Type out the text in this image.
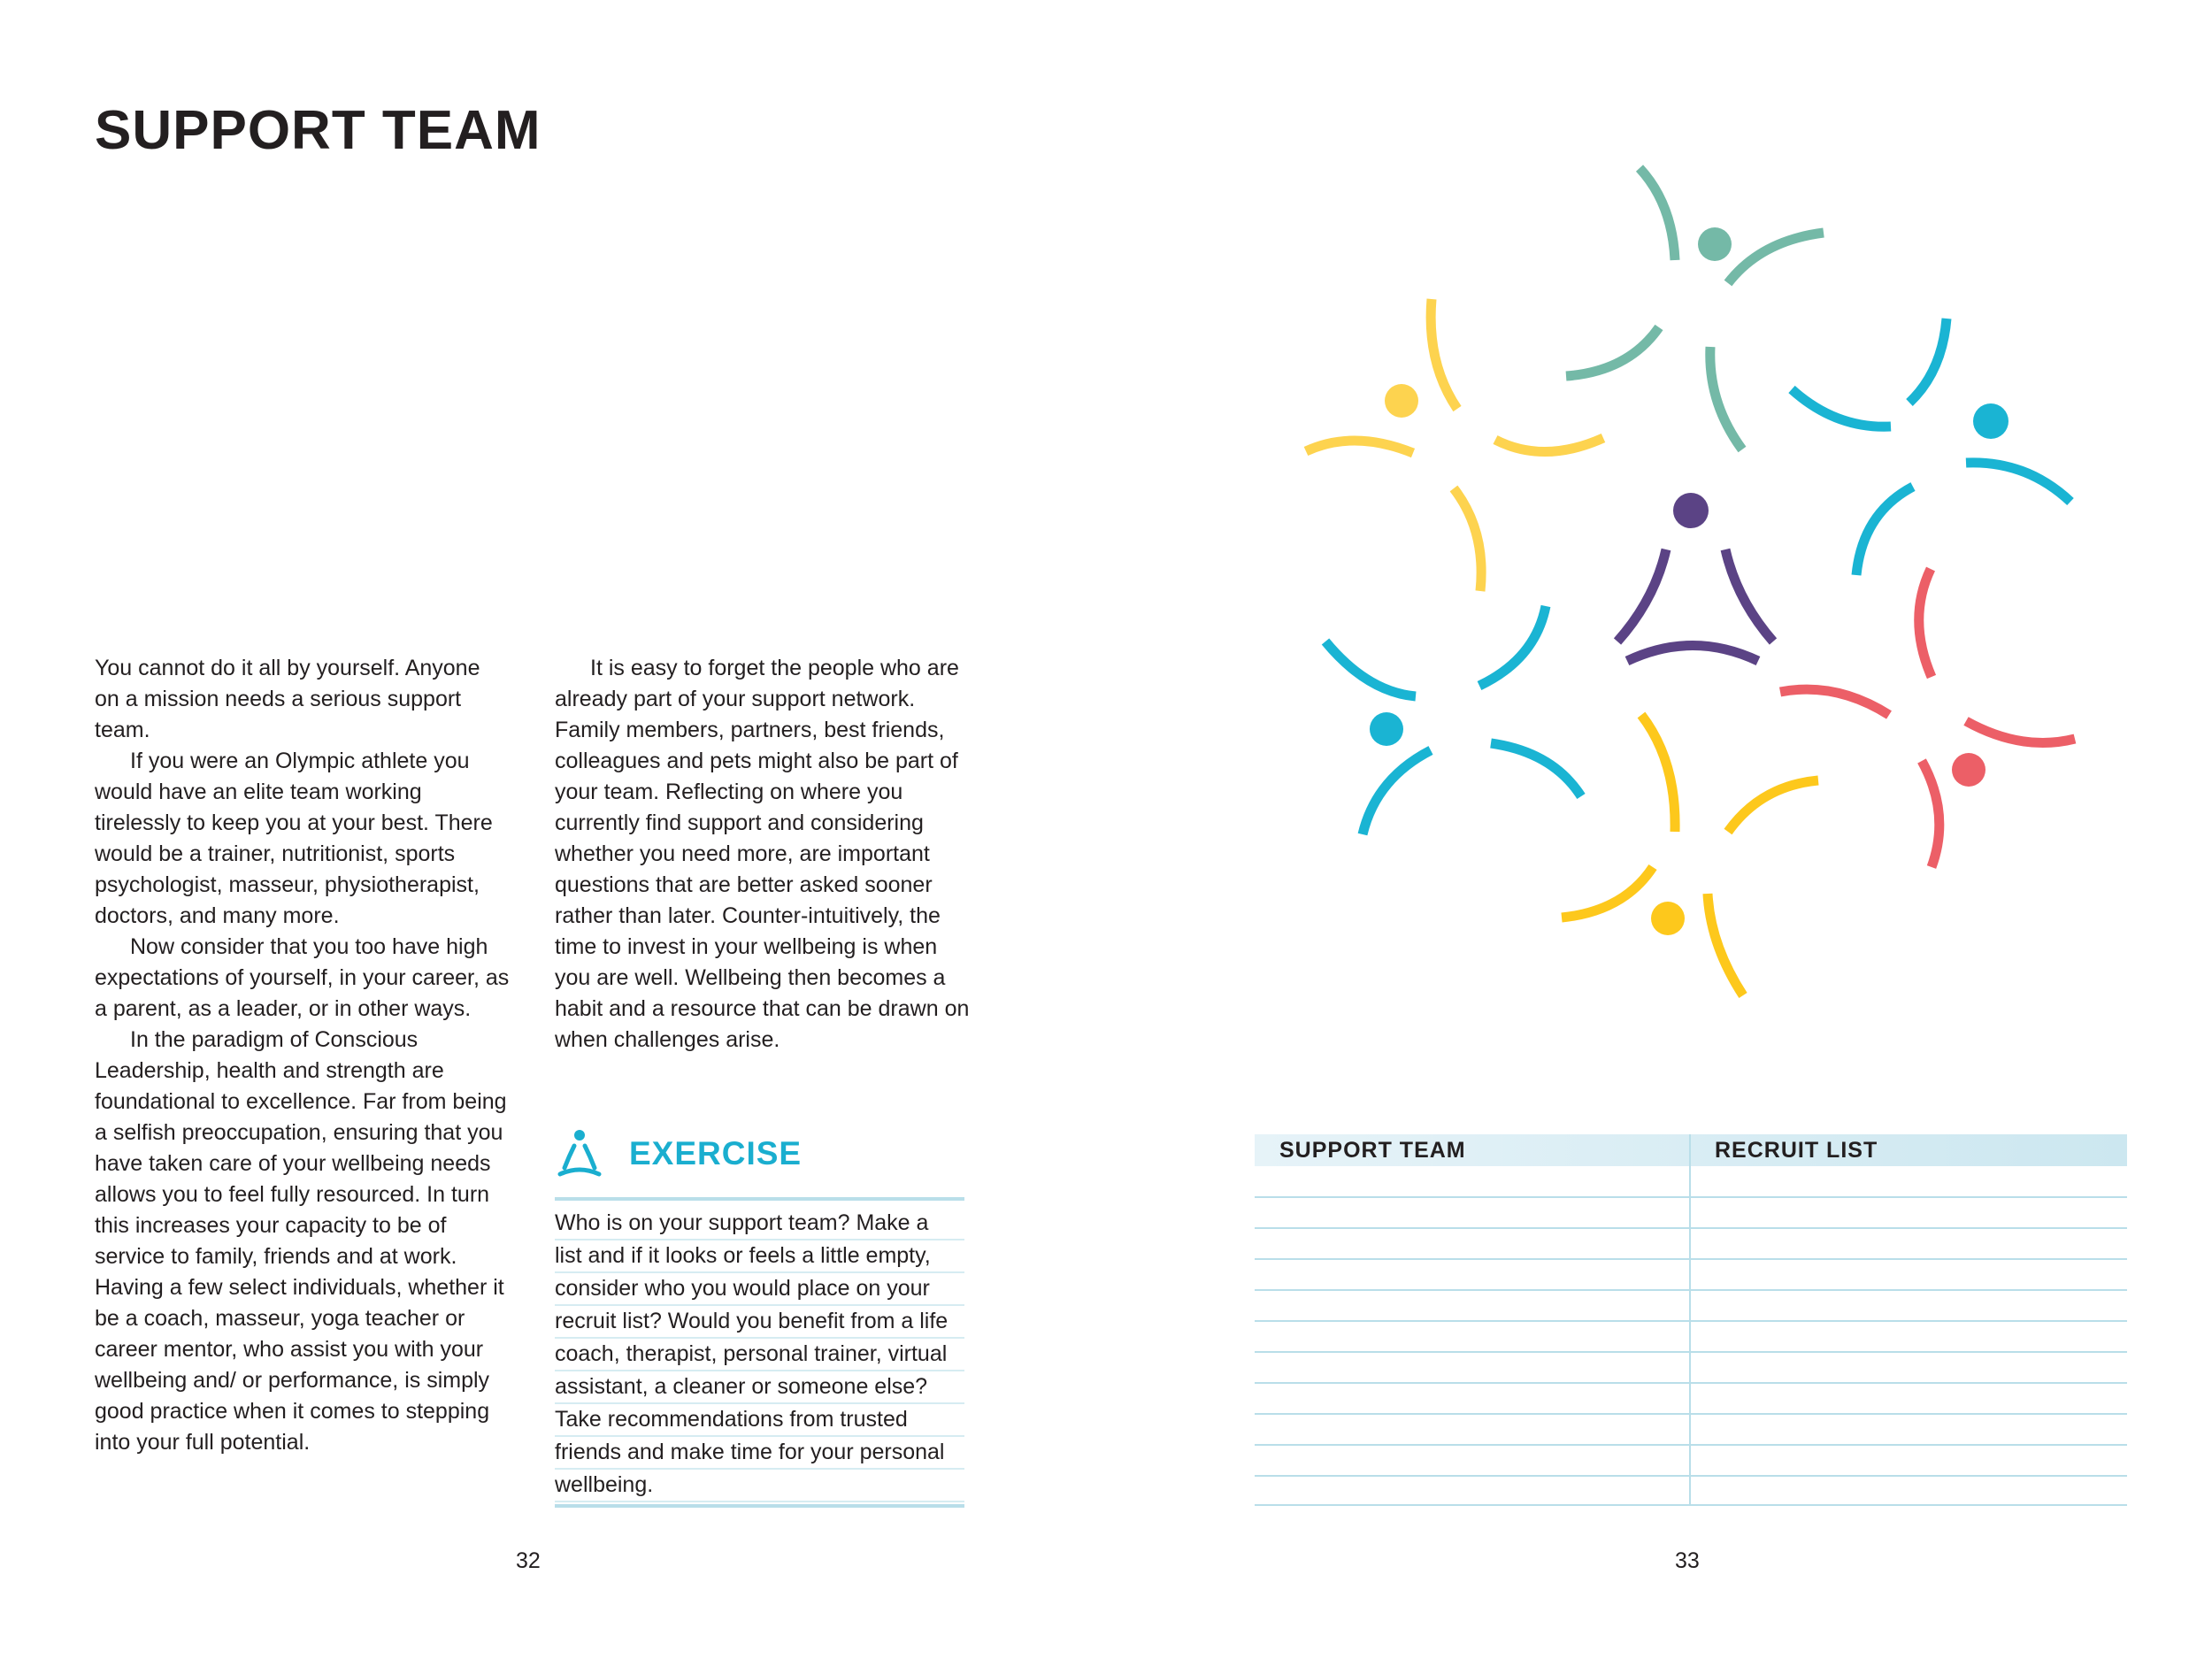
SUPPORT TEAM

You cannot do it all by yourself. Anyone on a mission needs a serious support team.

If you were an Olympic athlete you would have an elite team working tirelessly to keep you at your best. There would be a trainer, nutritionist, sports psychologist, masseur, physiotherapist, doctors, and many more.

Now consider that you too have high expectations of yourself, in your career, as a parent, as a leader, or in other ways.

In the paradigm of Conscious Leadership, health and strength are foundational to excellence. Far from being a selfish preoccupation, ensuring that you have taken care of your wellbeing needs allows you to feel fully resourced. In turn this increases your capacity to be of service to family, friends and at work. Having a few select individuals, whether it be a coach, masseur, yoga teacher or career mentor, who assist you with your wellbeing and/ or performance, is simply good practice when it comes to stepping into your full potential.

It is easy to forget the people who are already part of your support network. Family members, partners, best friends, colleagues and pets might also be part of your team. Reflecting on where you currently find support and considering whether you need more, are important questions that are better asked sooner rather than later. Counter-intuitively, the time to invest in your wellbeing is when you are well. Wellbeing then becomes a habit and a resource that can be drawn on when challenges arise.

EXERCISE
Who is on your support team? Make a
list and if it looks or feels a little empty,
consider who you would place on your
recruit list? Would you benefit from a life
coach, therapist, personal trainer, virtual
assistant, a cleaner or someone else?
Take recommendations from trusted
friends and make time for your personal
wellbeing.
SUPPORT TEAM	RECRUIT LIST
32	33
